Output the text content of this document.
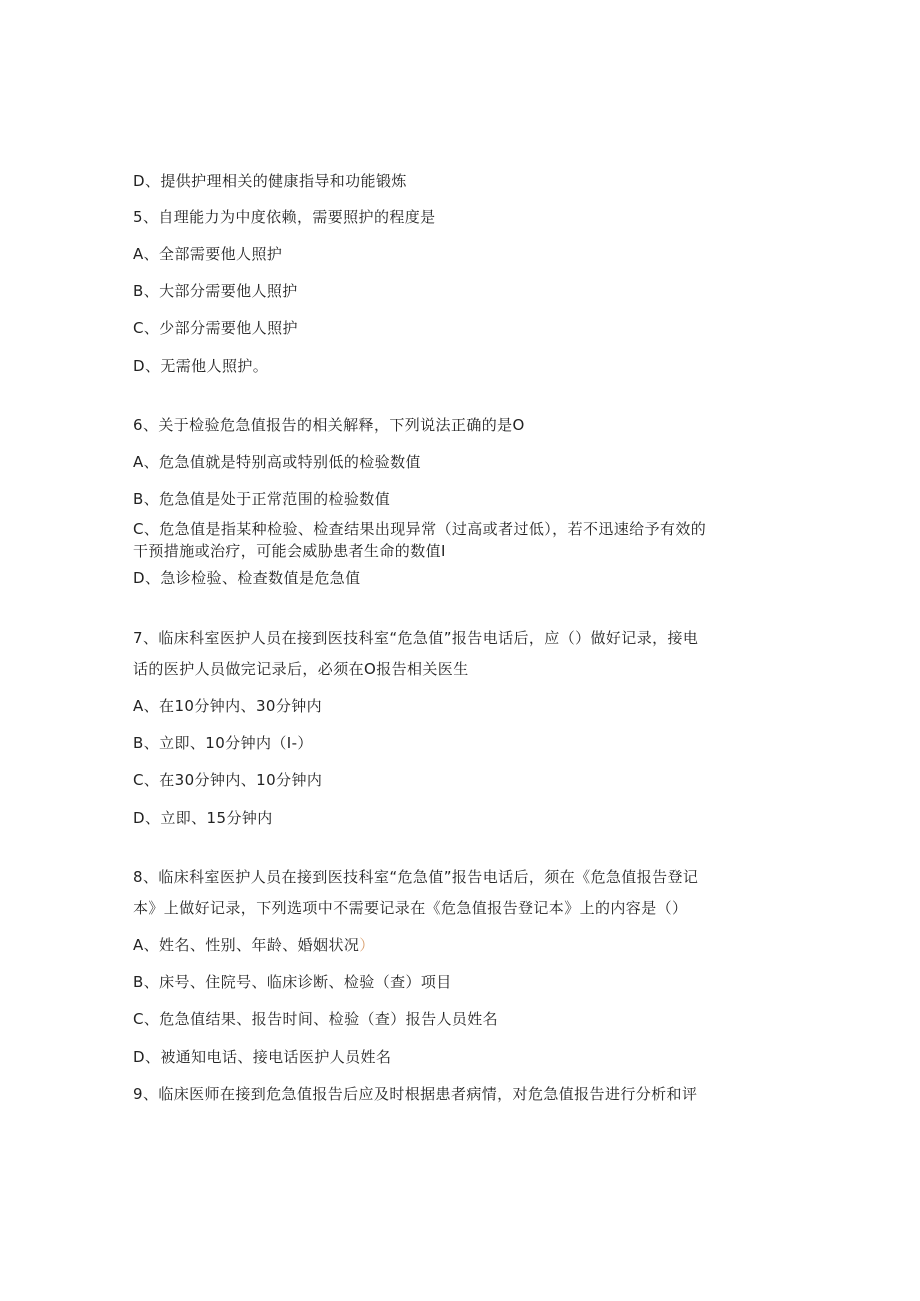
D、提供护理相关的健康指导和功能锻炼
5、自理能力为中度依赖，需要照护的程度是
A、全部需要他人照护
B、大部分需要他人照护
C、少部分需要他人照护
D、无需他人照护。
6、关于检验危急值报告的相关解释，下列说法正确的是O
A、危急值就是特别高或特别低的检验数值
B、危急值是处于正常范围的检验数值
C、危急值是指某种检验、检查结果出现异常（过高或者过低），若不迅速给予有效的
干预措施或治疗，可能会威胁患者生命的数值I
D、急诊检验、检查数值是危急值
7、临床科室医护人员在接到医技科室“危急值”报告电话后，应（）做好记录，接电
话的医护人员做完记录后，必须在O报告相关医生
A、在10分钟内、30分钟内
B、立即、10分钟内（I-）
C、在30分钟内、10分钟内
D、立即、15分钟内
8、临床科室医护人员在接到医技科室“危急值”报告电话后，须在《危急值报告登记
本》上做好记录，下列选项中不需要记录在《危急值报告登记本》上的内容是（）
A、姓名、性别、年龄、婚姻状况）
B、床号、住院号、临床诊断、检验（查）项目
C、危急值结果、报告时间、检验（查）报告人员姓名
D、被通知电话、接电话医护人员姓名
9、临床医师在接到危急值报告后应及时根据患者病情，对危急值报告进行分析和评
